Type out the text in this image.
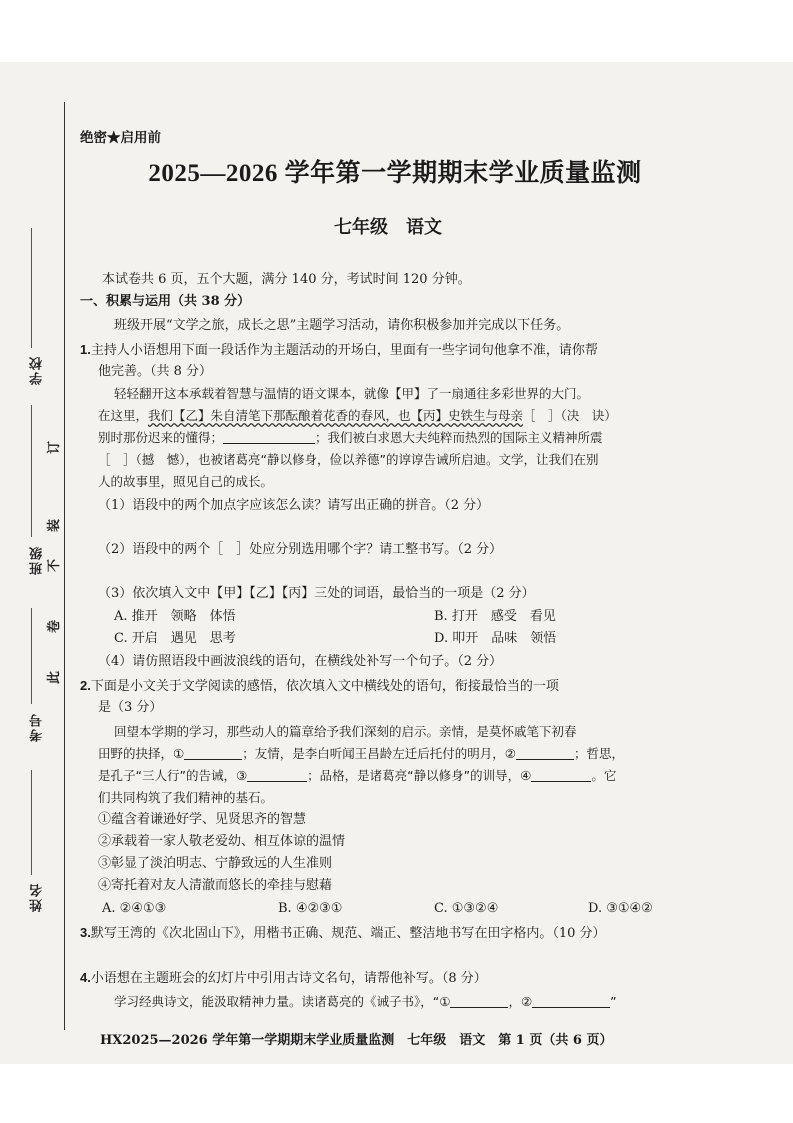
学校
班级
考号
姓名
此
卷
不
装
订
绝密★启用前
2025—2026 学年第一学期期末学业质量监测
七年级　语文
本试卷共 6 页，五个大题，满分 140 分，考试时间 120 分钟。
一、积累与运用（共 38 分）
班级开展“文学之旅，成长之思”主题学习活动，请你积极参加并完成以下任务。
1.主持人小语想用下面一段话作为主题活动的开场白，里面有一些字词句他拿不准，请你帮
他完善。（共 8 分）
轻轻翻开这本承载着智慧与温情的语文课本，就像【甲】了一扇通往多彩世界的大门。
在这里，我们【乙】朱自清笔下那酝酿着花香的春风，也【丙】史铁生与母亲［　］（决　诀）
别时那份迟来的懂得；	；我们被白求恩大夫纯粹而热烈的国际主义精神所震
［　］（撼　憾），也被诸葛亮“静以修身，俭以养德”的谆谆告诫所启迪。文学，让我们在别
人的故事里，照见自己的成长。
（1）语段中的两个加点字应该怎么读？请写出正确的拼音。（2 分）
（2）语段中的两个［　］处应分别选用哪个字？请工整书写。（2 分）
（3）依次填入文中【甲】【乙】【丙】三处的词语，最恰当的一项是（2 分）
A. 推开　领略　体悟	B. 打开　感受　看见
C. 开启　遇见　思考	D. 叩开　品味　领悟
（4）请仿照语段中画波浪线的语句，在横线处补写一个句子。（2 分）
2.下面是小文关于文学阅读的感悟，依次填入文中横线处的语句，衔接最恰当的一项
是（3 分）
回望本学期的学习，那些动人的篇章给予我们深刻的启示。亲情，是莫怀戚笔下初春
田野的抉择，①	；友情，是李白听闻王昌龄左迁后托付的明月，②	；哲思，
是孔子“三人行”的告诫，③	；品格，是诸葛亮“静以修身”的训导，④	。它
们共同构筑了我们精神的基石。
①蕴含着谦逊好学、见贤思齐的智慧
②承载着一家人敬老爱幼、相互体谅的温情
③彰显了淡泊明志、宁静致远的人生准则
④寄托着对友人清澈而悠长的牵挂与慰藉
A. ②④①③	B. ④②③①	C. ①③②④	D. ③①④②
3.默写王湾的《次北固山下》，用楷书正确、规范、端正、整洁地书写在田字格内。（10 分）
4.小语想在主题班会的幻灯片中引用古诗文名句，请帮他补写。（8 分）
学习经典诗文，能汲取精神力量。读诸葛亮的《诫子书》，“①	，②	”
HX2025—2026 学年第一学期期末学业质量监测　七年级　语文　第 1 页（共 6 页）
